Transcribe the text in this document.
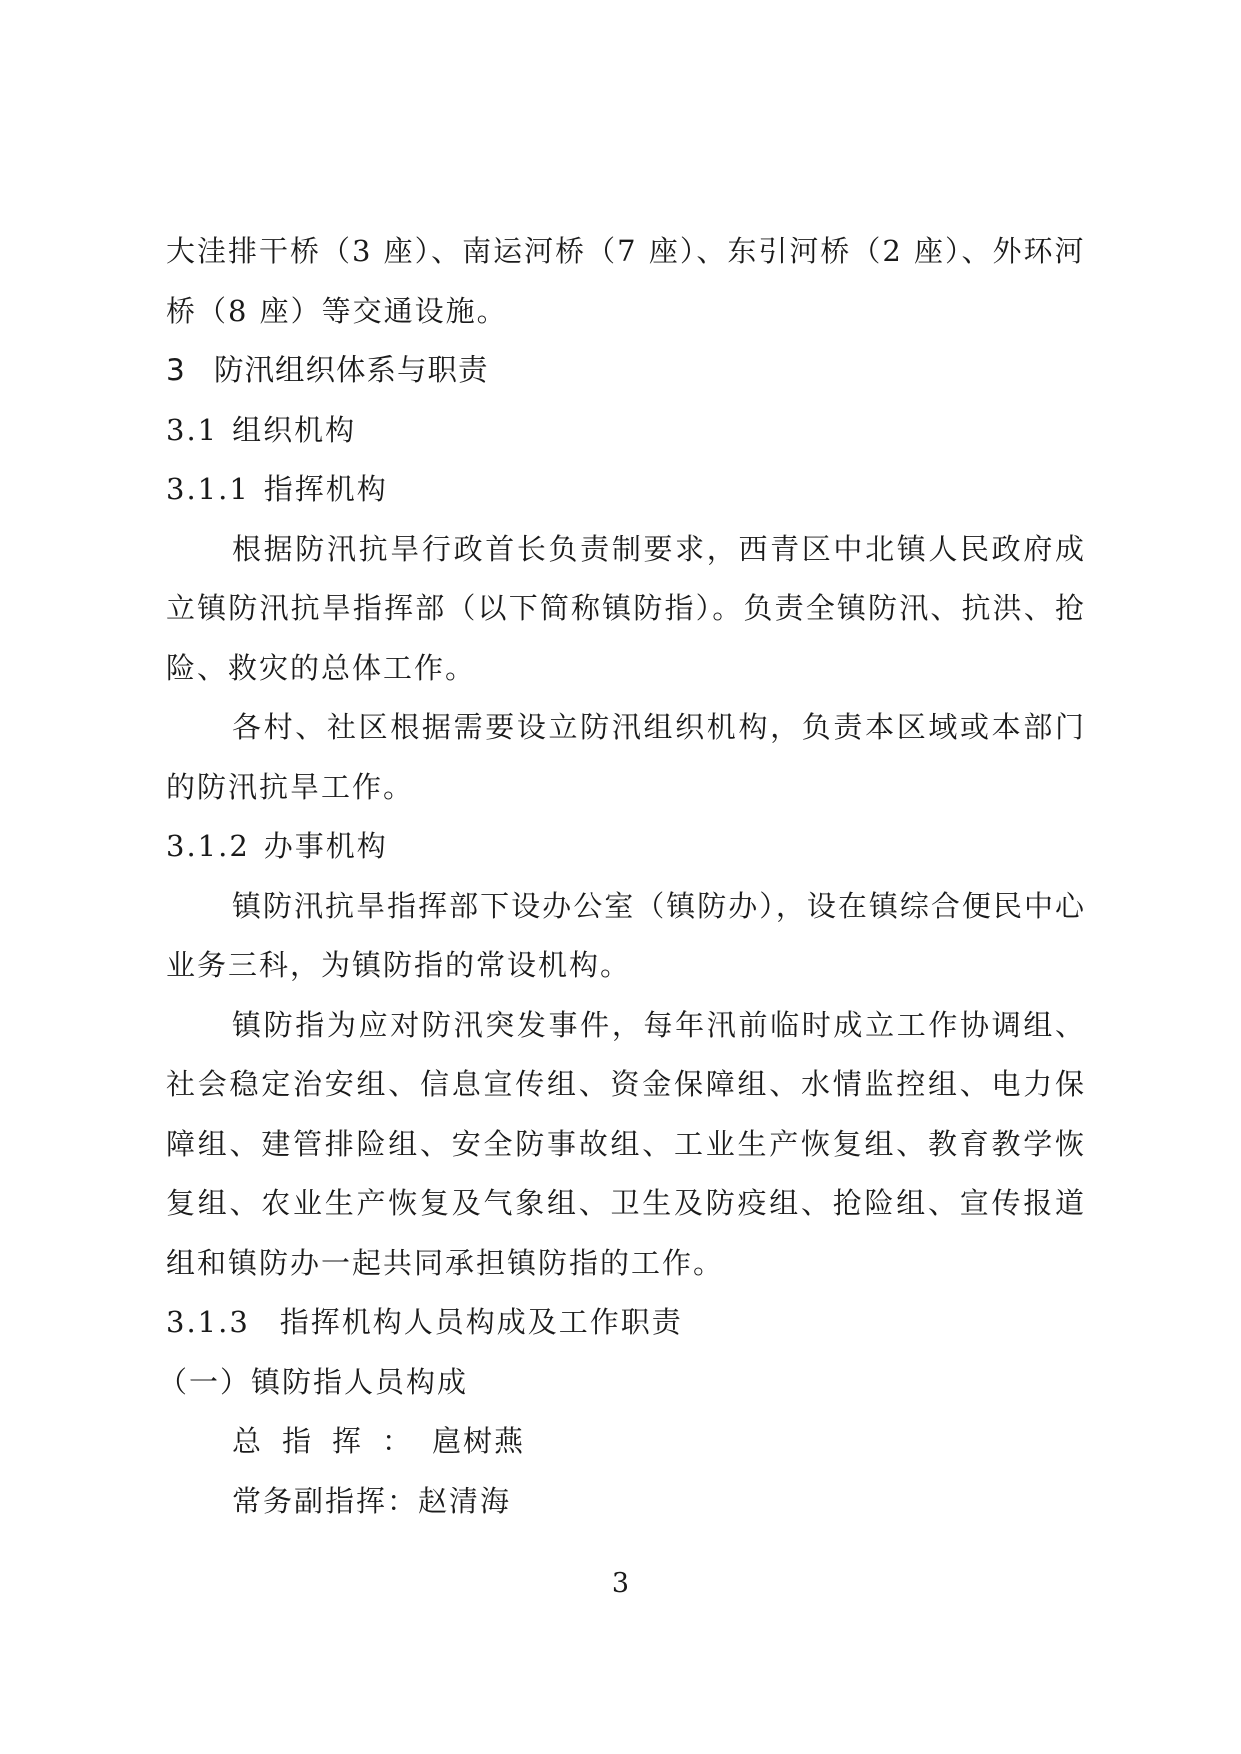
大洼排干桥（3 座）、南运河桥（7 座）、东引河桥（2 座）、外环河

桥（8 座）等交通设施。

3 防汛组织体系与职责

3.1 组织机构

3.1.1 指挥机构

根据防汛抗旱行政首长负责制要求，西青区中北镇人民政府成立镇防汛抗旱指挥部（以下简称镇防指）。负责全镇防汛、抗洪、抢险、救灾的总体工作。

各村、社区根据需要设立防汛组织机构，负责本区域或本部门的防汛抗旱工作。

3.1.2 办事机构

镇防汛抗旱指挥部下设办公室（镇防办），设在镇综合便民中心业务三科，为镇防指的常设机构。

镇防指为应对防汛突发事件，每年汛前临时成立工作协调组、社会稳定治安组、信息宣传组、资金保障组、水情监控组、电力保障组、建管排险组、安全防事故组、工业生产恢复组、教育教学恢复组、农业生产恢复及气象组、卫生及防疫组、抢险组、宣传报道组和镇防办一起共同承担镇防指的工作。

3.1.3 指挥机构人员构成及工作职责

（一）镇防指人员构成

总指挥：扈树燕

常务副指挥：赵清海

3
